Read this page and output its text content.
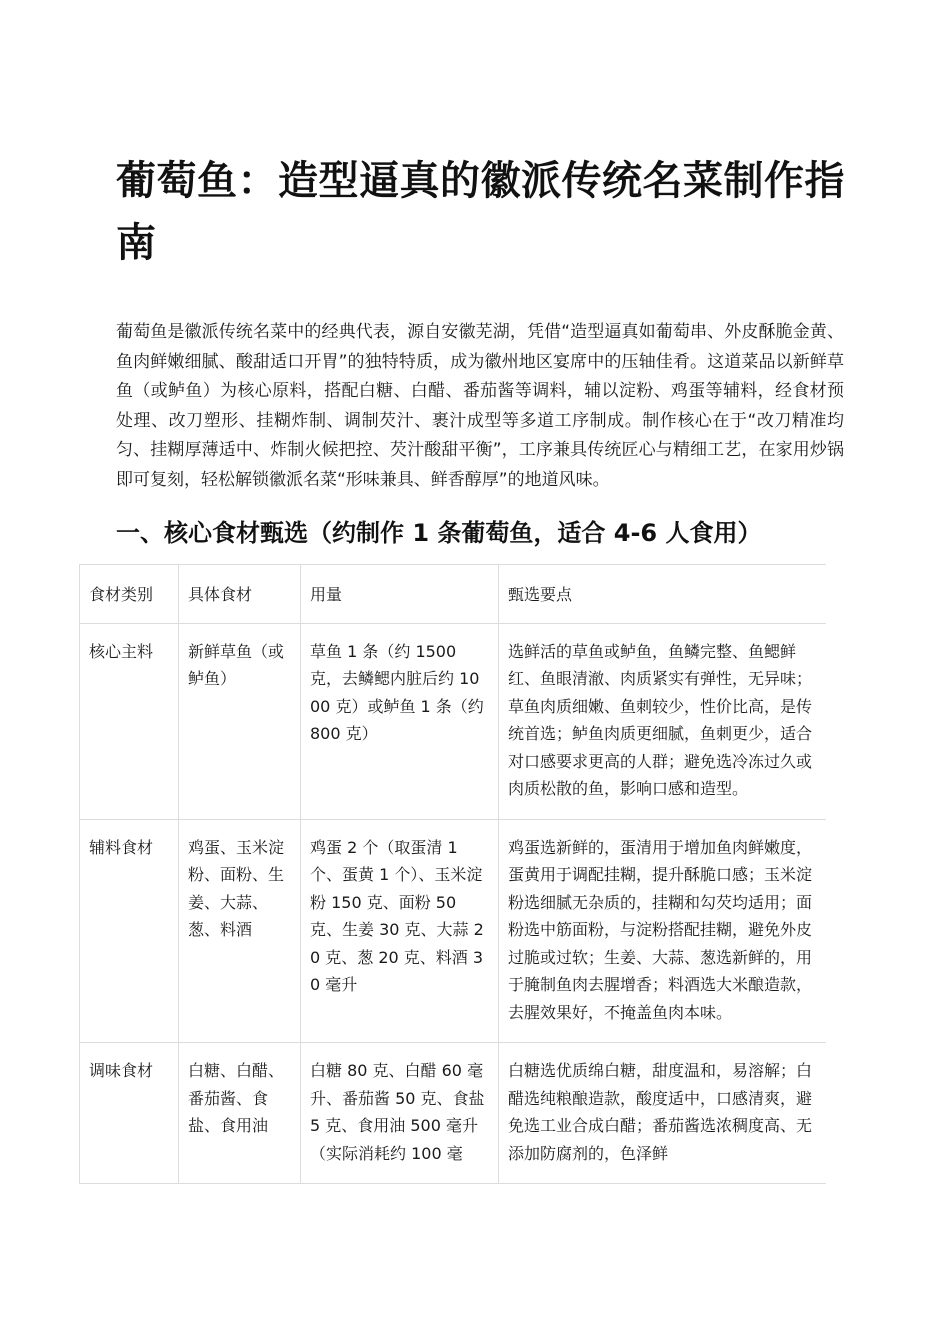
葡萄鱼：造型逼真的徽派传统名菜制作指南

葡萄鱼是徽派传统名菜中的经典代表，源自安徽芜湖，凭借“造型逼真如葡萄串、外皮酥脆金黄、鱼肉鲜嫩细腻、酸甜适口开胃”的独特特质，成为徽州地区宴席中的压轴佳肴。这道菜品以新鲜草鱼（或鲈鱼）为核心原料，搭配白糖、白醋、番茄酱等调料，辅以淀粉、鸡蛋等辅料，经食材预处理、改刀塑形、挂糊炸制、调制芡汁、裹汁成型等多道工序制成。制作核心在于“改刀精准均匀、挂糊厚薄适中、炸制火候把控、芡汁酸甜平衡”，工序兼具传统匠心与精细工艺，在家用炒锅即可复刻，轻松解锁徽派名菜“形味兼具、鲜香醇厚”的地道风味。

一、核心食材甄选（约制作 1 条葡萄鱼，适合 4-6 人食用）
食材类别	具体食材	用量	甄选要点
核心主料	新鲜草鱼（或鲈鱼）	草鱼 1 条（约 1500 克，去鳞鳃内脏后约 1000 克）或鲈鱼 1 条（约 800 克）	选鲜活的草鱼或鲈鱼，鱼鳞完整、鱼鳃鲜红、鱼眼清澈、肉质紧实有弹性，无异味；草鱼肉质细嫩、鱼刺较少，性价比高，是传统首选；鲈鱼肉质更细腻，鱼刺更少，适合对口感要求更高的人群；避免选冷冻过久或肉质松散的鱼，影响口感和造型。
辅料食材	鸡蛋、玉米淀粉、面粉、生姜、大蒜、葱、料酒	鸡蛋 2 个（取蛋清 1 个、蛋黄 1 个）、玉米淀粉 150 克、面粉 50 克、生姜 30 克、大蒜 20 克、葱 20 克、料酒 30 毫升	鸡蛋选新鲜的，蛋清用于增加鱼肉鲜嫩度，蛋黄用于调配挂糊，提升酥脆口感；玉米淀粉选细腻无杂质的，挂糊和勾芡均适用；面粉选中筋面粉，与淀粉搭配挂糊，避免外皮过脆或过软；生姜、大蒜、葱选新鲜的，用于腌制鱼肉去腥增香；料酒选大米酿造款，去腥效果好，不掩盖鱼肉本味。
调味食材	白糖、白醋、番茄酱、食盐、食用油	白糖 80 克、白醋 60 毫升、番茄酱 50 克、食盐 5 克、食用油 500 毫升（实际消耗约 100 毫	白糖选优质绵白糖，甜度温和，易溶解；白醋选纯粮酿造款，酸度适中，口感清爽，避免选工业合成白醋；番茄酱选浓稠度高、无添加防腐剂的，色泽鲜
